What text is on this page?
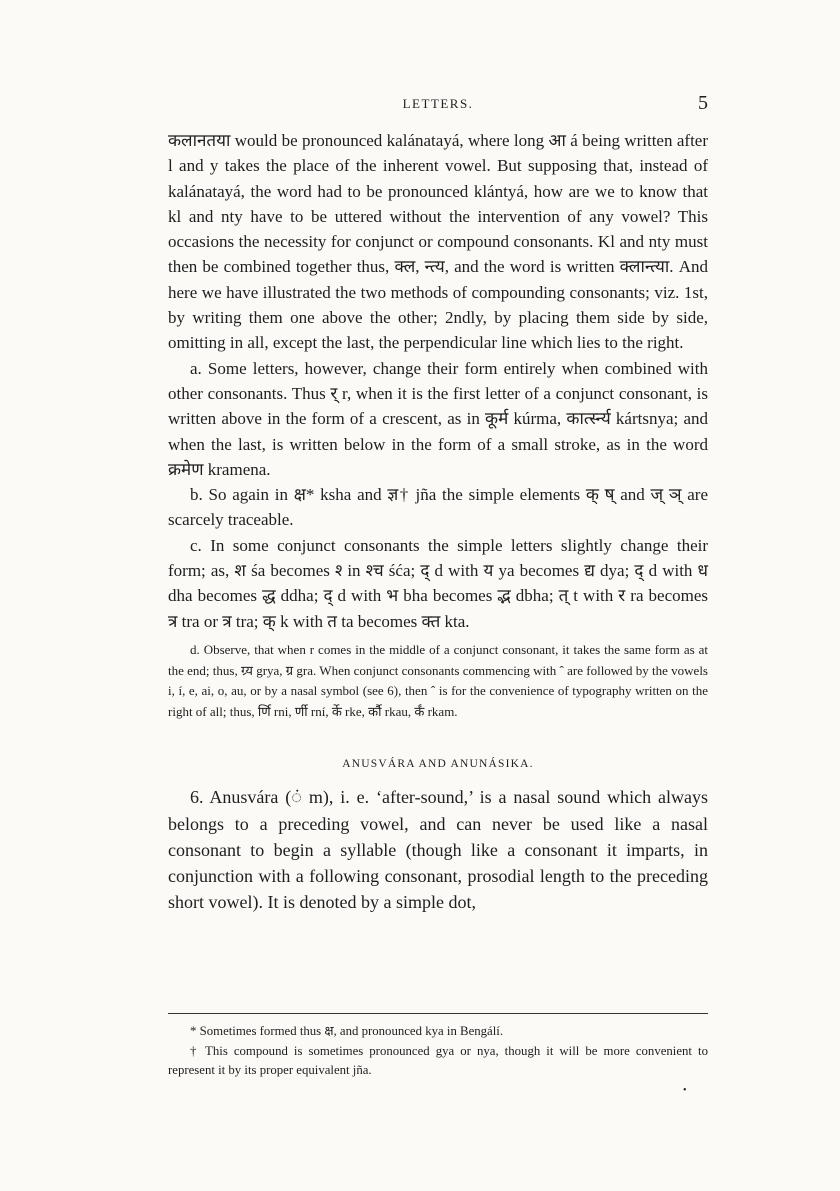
LETTERS.	5

कलानतया would be pronounced kalánatayá, where long आ á being written after l and y takes the place of the inherent vowel. But supposing that, instead of kalánatayá, the word had to be pronounced klántyá, how are we to know that kl and nty have to be uttered without the intervention of any vowel? This occasions the necessity for conjunct or compound consonants. Kl and nty must then be combined together thus, क्ल, न्त्य, and the word is written क्लान्त्या. And here we have illustrated the two methods of compounding consonants; viz. 1st, by writing them one above the other; 2ndly, by placing them side by side, omitting in all, except the last, the perpendicular line which lies to the right.

a. Some letters, however, change their form entirely when combined with other consonants. Thus र् r, when it is the first letter of a conjunct consonant, is written above in the form of a crescent, as in कूर्म kúrma, कार्त्स्न्य kártsnya; and when the last, is written below in the form of a small stroke, as in the word क्रमेण kramena.

b. So again in क्ष* ksha and ज्ञ† jña the simple elements क् ष् and ज् ञ् are scarcely traceable.

c. In some conjunct consonants the simple letters slightly change their form; as, श śa becomes श्‍ in श्च śća; द् d with य ya becomes द्य dya; द् d with ध dha becomes द्ध ddha; द् d with भ bha becomes द्भ dbha; त् t with र ra becomes त्र tra or त्र tra; क् k with त ta becomes क्त kta.

d. Observe, that when r comes in the middle of a conjunct consonant, it takes the same form as at the end; thus, ग्र्य grya, ग्र gra. When conjunct consonants commencing with ˆ are followed by the vowels i, í, e, ai, o, au, or by a nasal symbol (see 6), then ˆ is for the convenience of typography written on the right of all; thus, र्णि rni, र्णी rní, र्के rke, र्कौ rkau, र्कं rkam.

ANUSVÁRA AND ANUNÁSIKA.

6. Anusvára (ं m), i. e. ‘after-sound,’ is a nasal sound which always belongs to a preceding vowel, and can never be used like a nasal consonant to begin a syllable (though like a consonant it imparts, in conjunction with a following consonant, prosodial length to the preceding short vowel). It is denoted by a simple dot,

* Sometimes formed thus क्ष, and pronounced kya in Bengálí.

† This compound is sometimes pronounced gya or nya, though it will be more convenient to represent it by its proper equivalent jña.

•
